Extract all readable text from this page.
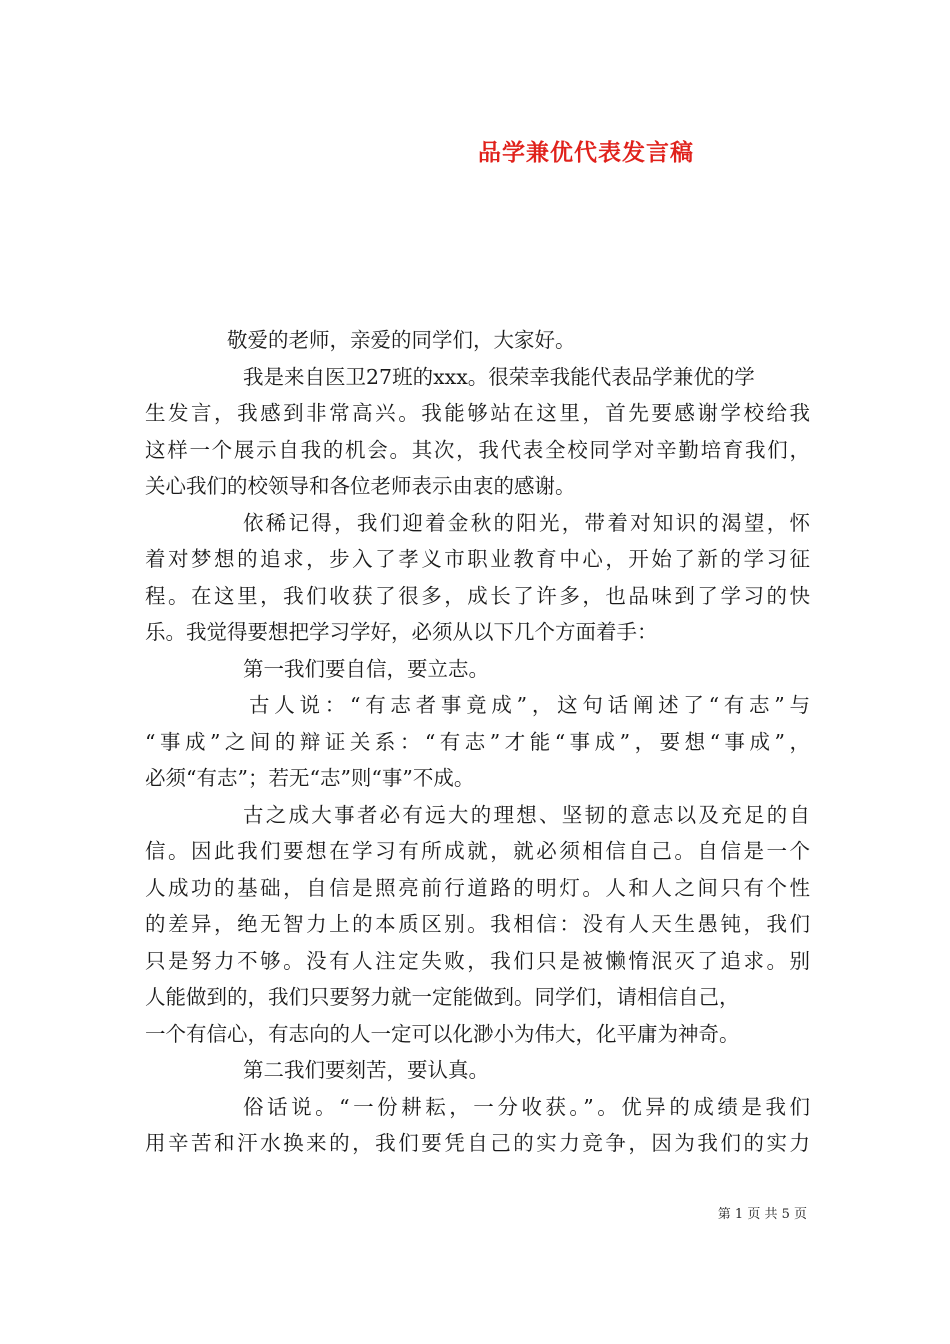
品学兼优代表发言稿
敬爱的老师，亲爱的同学们，大家好。
我是来自医卫27班的xxx。很荣幸我能代表品学兼优的学
生发言，我感到非常高兴。我能够站在这里，首先要感谢学校给我
这样一个展示自我的机会。其次，我代表全校同学对辛勤培育我们，
关心我们的校领导和各位老师表示由衷的感谢。
依稀记得，我们迎着金秋的阳光，带着对知识的渴望，怀
着对梦想的追求，步入了孝义市职业教育中心，开始了新的学习征
程。在这里，我们收获了很多，成长了许多，也品味到了学习的快
乐。我觉得要想把学习学好，必须从以下几个方面着手：
第一我们要自信，要立志。
古人说：“有志者事竟成”，这句话阐述了“有志”与
“事成”之间的辩证关系：“有志”才能“事成”，要想“事成”，
必须“有志”；若无“志”则“事”不成。
古之成大事者必有远大的理想、坚韧的意志以及充足的自
信。因此我们要想在学习有所成就，就必须相信自己。自信是一个
人成功的基础，自信是照亮前行道路的明灯。人和人之间只有个性
的差异，绝无智力上的本质区别。我相信：没有人天生愚钝，我们
只是努力不够。没有人注定失败，我们只是被懒惰泯灭了追求。别
人能做到的，我们只要努力就一定能做到。同学们，请相信自己，
一个有信心，有志向的人一定可以化渺小为伟大，化平庸为神奇。
第二我们要刻苦，要认真。
俗话说。“一份耕耘，一分收获。”。优异的成绩是我们
用辛苦和汗水换来的，我们要凭自己的实力竞争，因为我们的实力
第 1 页 共 5 页
